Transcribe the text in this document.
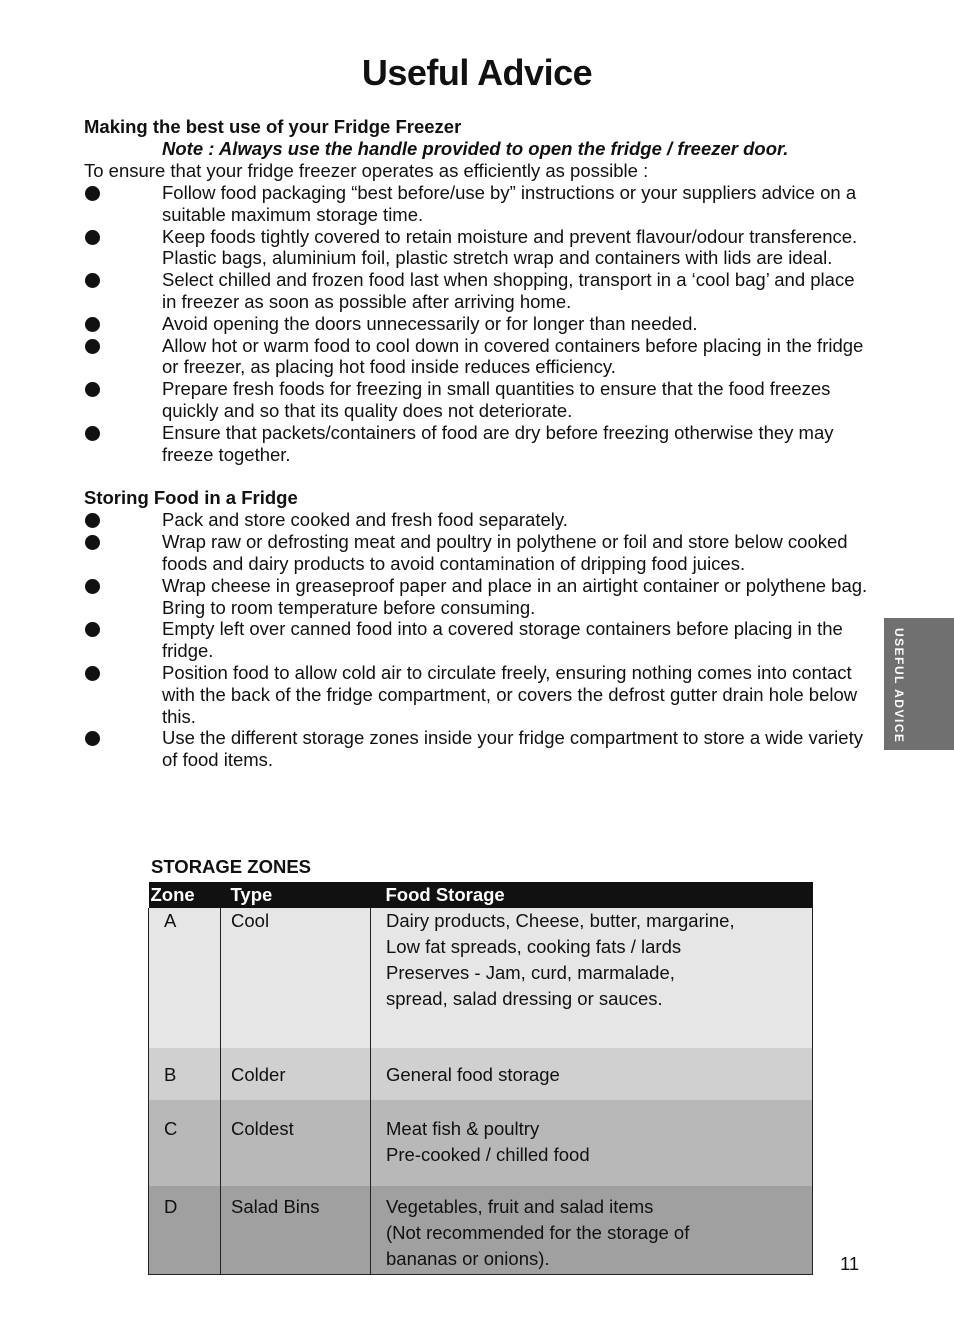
Useful Advice
Making the best use of your Fridge Freezer
Note : Always use the handle provided to open the fridge / freezer door.
To ensure that your fridge freezer operates as efficiently as possible :
Follow food packaging “best before/use by” instructions or your suppliers advice on a suitable maximum storage time.
Keep foods tightly covered to retain moisture and prevent flavour/odour transference. Plastic bags, aluminium foil, plastic stretch wrap and containers with lids are ideal.
Select chilled and frozen food last when shopping, transport in a ‘cool bag’ and place in freezer as soon as possible after arriving home.
Avoid opening the doors unnecessarily or for longer than needed.
Allow hot or warm food to cool down in covered containers before placing in the fridge or freezer, as placing hot food inside reduces efficiency.
Prepare fresh foods for freezing in small quantities to ensure that the food freezes quickly and so that its quality does not deteriorate.
Ensure that packets/containers of food are dry before freezing otherwise they may freeze together.
Storing Food in a Fridge
Pack and store cooked and fresh food separately.
Wrap raw or defrosting meat and poultry in polythene or foil and store below cooked foods and dairy products to avoid contamination of dripping food juices.
Wrap cheese in greaseproof paper and place in an airtight container or polythene bag.
Bring to room temperature before consuming.
Empty left over canned food into a covered storage containers before placing in the fridge.
Position food to allow cold air to circulate freely, ensuring nothing comes into contact with the back of the fridge compartment, or covers the defrost gutter drain hole below this.
Use the different storage zones inside your fridge compartment to store a wide variety of food items.
STORAGE ZONES
Zone	Type	Food Storage
A	Cool	Dairy products, Cheese, butter, margarine,
Low fat spreads, cooking fats / lards
Preserves - Jam, curd, marmalade,
spread, salad dressing or sauces.

B	Colder	General food storage

C	Coldest	Meat fish & poultry
Pre-cooked / chilled food

D	Salad Bins	Vegetables, fruit and salad items
(Not recommended for the storage of
bananas or onions).
USEFUL ADVICE
11
